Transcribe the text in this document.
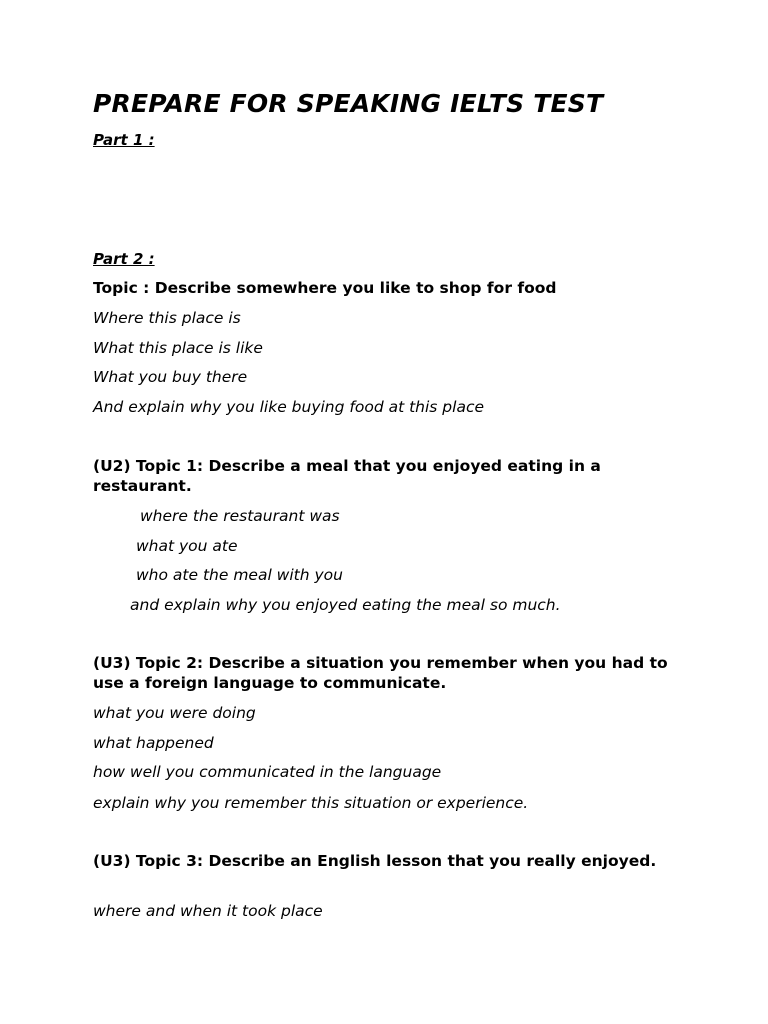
PREPARE FOR SPEAKING IELTS TEST
Part 1 :
Part 2 :
Topic : Describe somewhere you like to shop for food
Where this place is
What this place is like
What you buy there
And explain why you like buying food at this place
(U2) Topic 1: Describe a meal that you enjoyed eating in a restaurant.
where the restaurant was
what you ate
who ate the meal with you
and explain why you enjoyed eating the meal so much.
(U3) Topic 2: Describe a situation you remember when you had to use a foreign language to communicate.
what you were doing
what happened
how well you communicated in the language
explain why you remember this situation or experience.
(U3) Topic 3: Describe an English lesson that you really enjoyed.
where and when it took place
